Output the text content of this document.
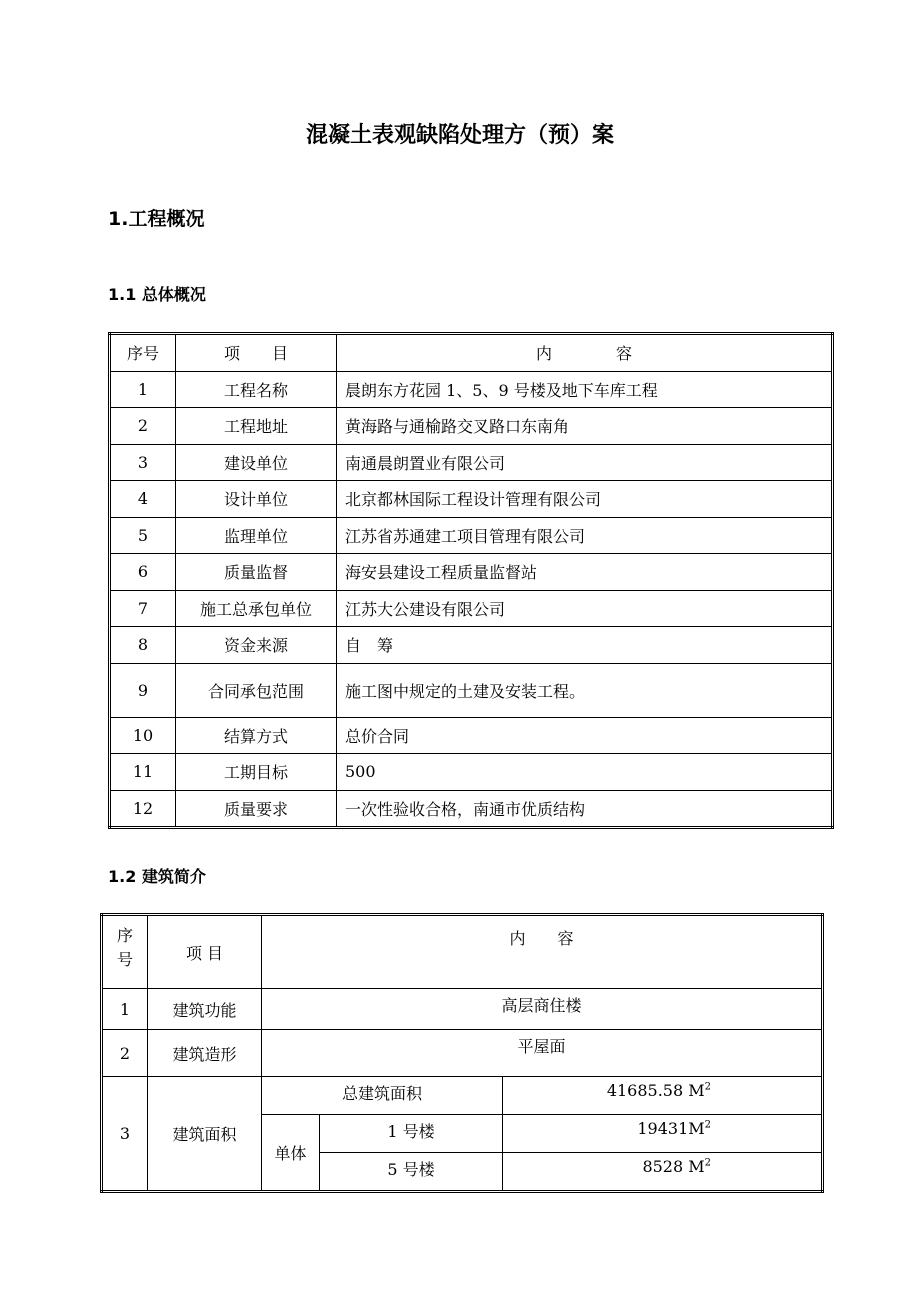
混凝土表观缺陷处理方（预）案
1.工程概况
1.1 总体概况
序号	项　　目	内　　　　容
1	工程名称	晨朗东方花园 1、5、9 号楼及地下车库工程
2	工程地址	黄海路与通榆路交叉路口东南角
3	建设单位	南通晨朗置业有限公司
4	设计单位	北京都林国际工程设计管理有限公司
5	监理单位	江苏省苏通建工项目管理有限公司
6	质量监督	海安县建设工程质量监督站
7	施工总承包单位	江苏大公建设有限公司
8	资金来源	自　筹
9	合同承包范围	施工图中规定的土建及安装工程。
10	结算方式	总价合同
11	工期目标	500
12	质量要求	一次性验收合格，南通市优质结构
1.2 建筑简介
序号	项 目	内　　容		
1	建筑功能	高层商住楼		
2	建筑造形	平屋面		
3	建筑面积	总建筑面积		41685.58 $M^2$
		单体	1 号楼	$19431M^2$
			5 号楼	8528 $M^2$
